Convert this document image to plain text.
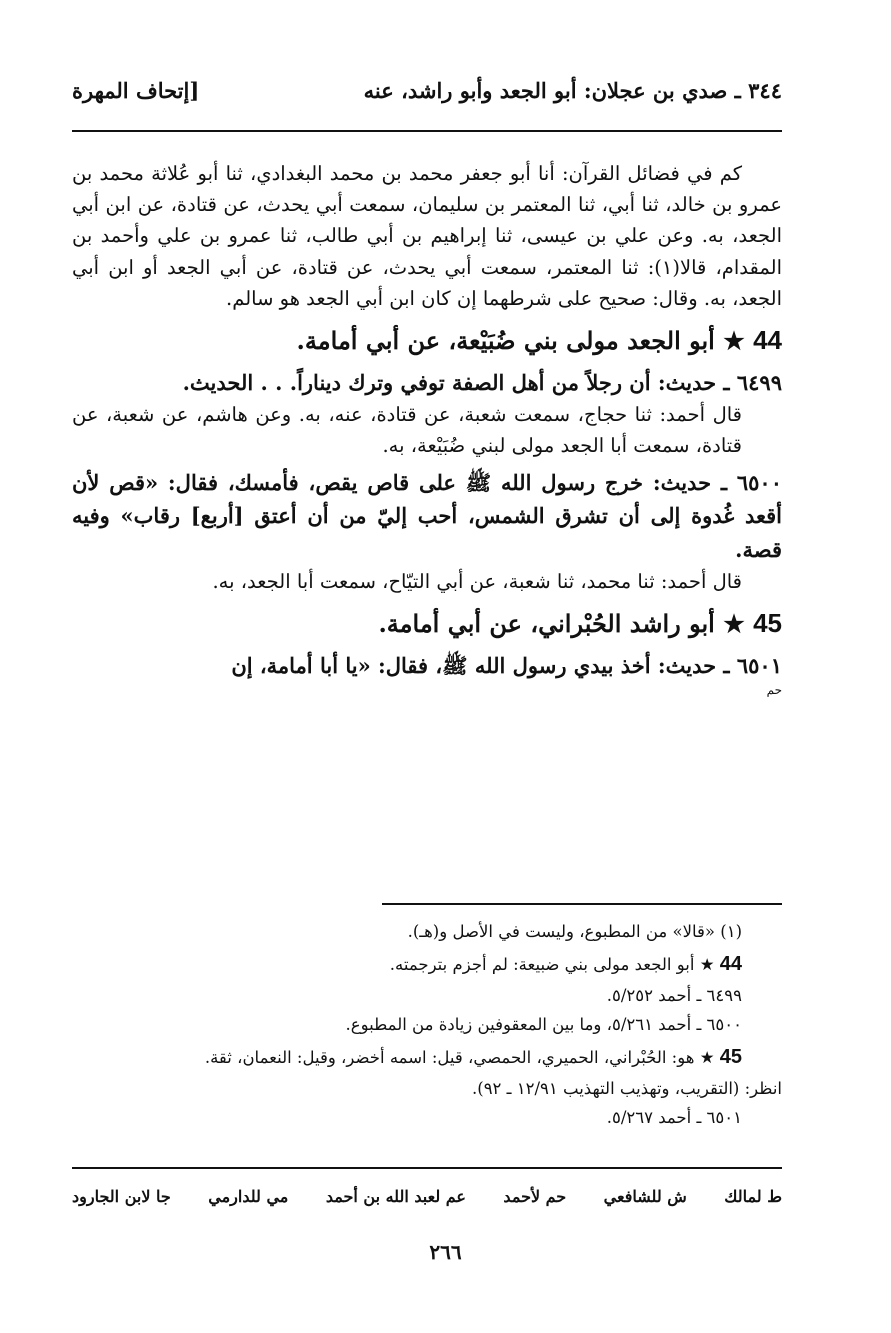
٣٤٤ ـ صدي بن عجلان: أبو الجعد وأبو راشد، عنه
[إتحاف المهرة

كم في فضائل القرآن: أنا أبو جعفر محمد بن محمد البغدادي، ثنا أبو عُلاثة محمد بن عمرو بن خالد، ثنا أبي، ثنا المعتمر بن سليمان، سمعت أبي يحدث، عن قتادة، عن ابن أبي الجعد، به. وعن علي بن عيسى، ثنا إبراهيم بن أبي طالب، ثنا عمرو بن علي وأحمد بن المقدام، قالا(١): ثنا المعتمر، سمعت أبي يحدث، عن قتادة، عن أبي الجعد أو ابن أبي الجعد، به. وقال: صحيح على شرطهما إن كان ابن أبي الجعد هو سالم.

44 ★ أبو الجعد مولى بني ضُبَيْعة، عن أبي أمامة.

٦٤٩٩ ـ حديث: أن رجلاً من أهل الصفة توفي وترك ديناراً. . . الحديث.

قال أحمد: ثنا حجاج، سمعت شعبة، عن قتادة، عنه، به. وعن هاشم، عن شعبة، عن قتادة، سمعت أبا الجعد مولى لبني ضُبَيْعة، به.

٦٥٠٠ ـ حديث: خرج رسول الله ﷺ على قاص يقص، فأمسك، فقال: «قص لأن أقعد غُدوة إلى أن تشرق الشمس، أحب إليّ من أن أعتق [أربع] رقاب» وفيه قصة.

قال أحمد: ثنا محمد، ثنا شعبة، عن أبي التيّاح، سمعت أبا الجعد، به.

45 ★ أبو راشد الحُبْراني، عن أبي أمامة.

٦٥٠١ ـ حديث: أخذ بيدي رسول الله ﷺ، فقال: «يا أبا أمامة، إن

حم

(١) «قالا» من المطبوع، وليست في الأصل و(هـ).

44 ★ أبو الجعد مولى بني ضبيعة: لم أجزم بترجمته.

٦٤٩٩ ـ أحمد ٥/٢٥٢.

٦٥٠٠ ـ أحمد ٥/٢٦١، وما بين المعقوفين زيادة من المطبوع.

45 ★ هو: الحُبْراني، الحميري، الحمصي، قيل: اسمه أخضر، وقيل: النعمان، ثقة.

انظر: (التقريب، وتهذيب التهذيب ١٢/٩١ ـ ٩٢).

٦٥٠١ ـ أحمد ٥/٢٦٧.

ط لمالك
ش للشافعي
حم لأحمد
عم لعبد الله بن أحمد
مي للدارمي
جا لابن الجارود
٢٦٦
